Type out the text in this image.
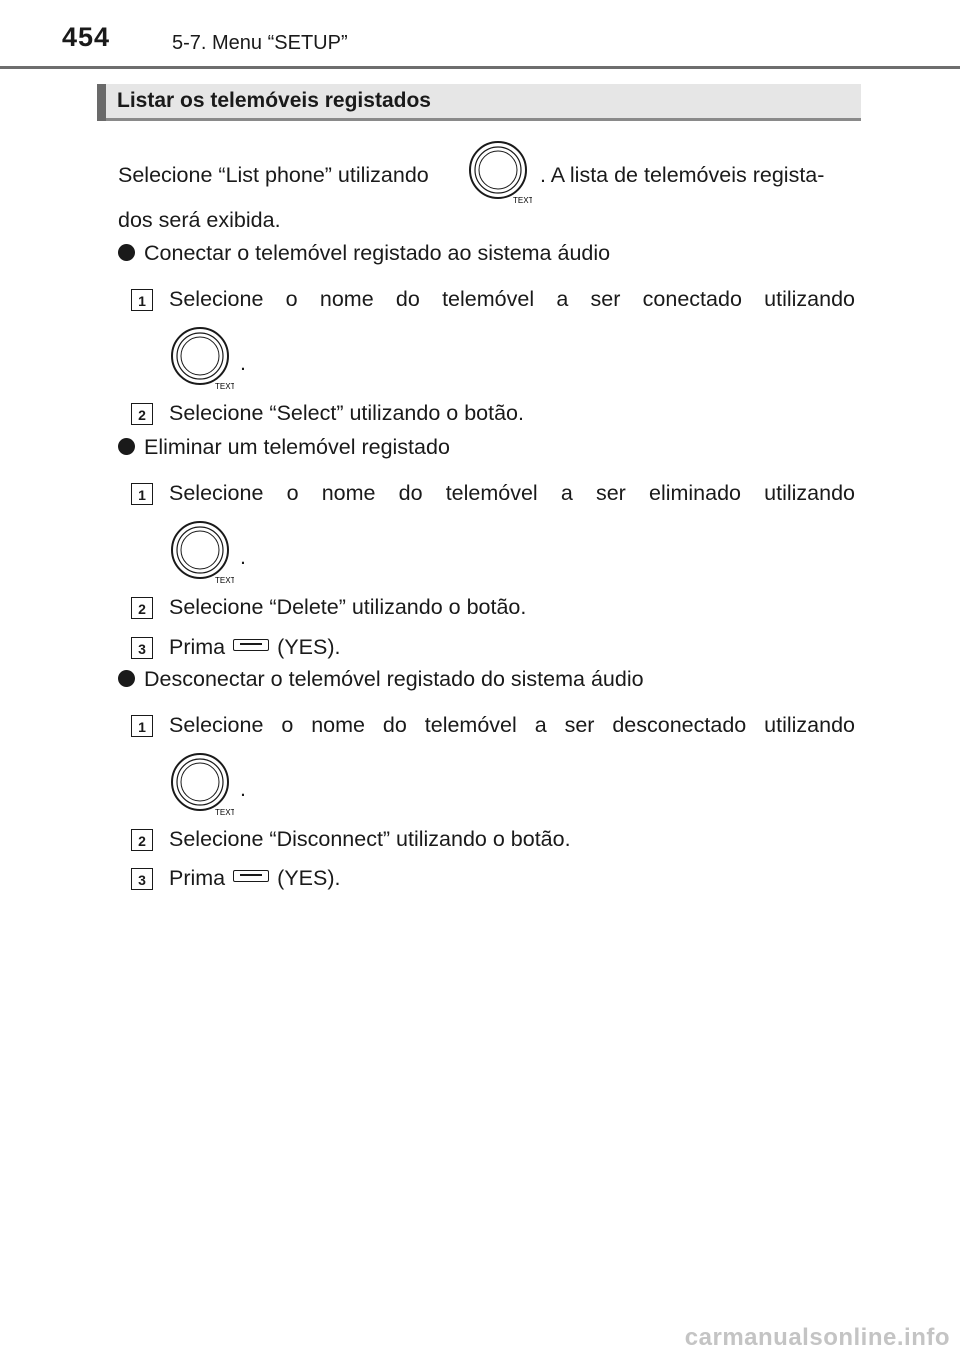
454	5-7. Menu “SETUP”
Listar os telemóveis registados
Selecione “List phone” utilizando
TEXT
. A lista de telemóveis regista-
dos será exibida.
Conectar o telemóvel registado ao sistema áudio
1	Selecione o nome do telemóvel a ser conectado utilizando
TEXT
.
2	Selecione “Select” utilizando o botão.
Eliminar um telemóvel registado
1	Selecione o nome do telemóvel a ser eliminado utilizando
TEXT
.
2	Selecione “Delete” utilizando o botão.
3	Prima (YES).
Desconectar o telemóvel registado do sistema áudio
1	Selecione o nome do telemóvel a ser desconectado utilizando
TEXT
.
2	Selecione “Disconnect” utilizando o botão.
3	Prima (YES).
carmanualsonline.info
